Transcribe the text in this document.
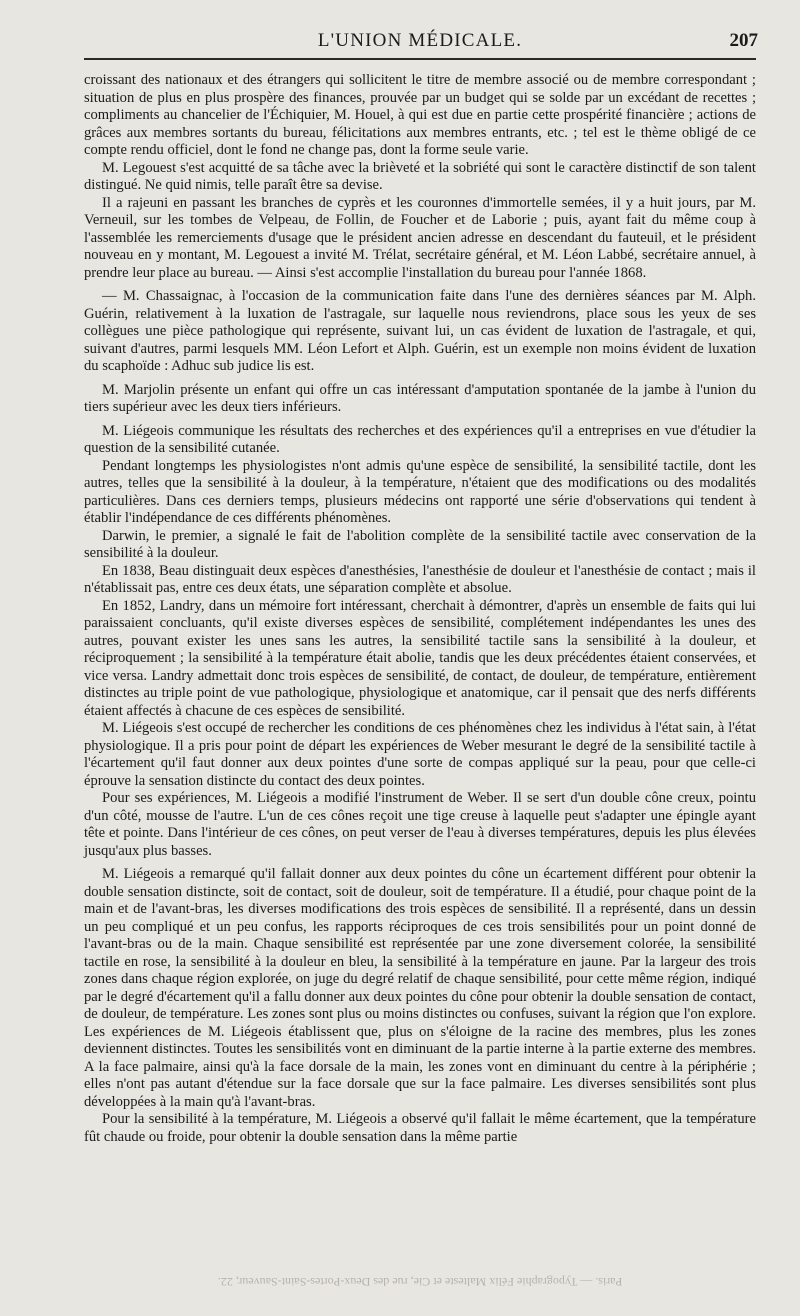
L'UNION MÉDICALE.	207

croissant des nationaux et des étrangers qui sollicitent le titre de membre associé ou de membre correspondant ; situation de plus en plus prospère des finances, prouvée par un budget qui se solde par un excédant de recettes ; compliments au chancelier de l'Échiquier, M. Houel, à qui est due en partie cette prospérité financière ; actions de grâces aux membres sortants du bureau, félicitations aux membres entrants, etc. ; tel est le thème obligé de ce compte rendu officiel, dont le fond ne change pas, dont la forme seule varie.

M. Legouest s'est acquitté de sa tâche avec la brièveté et la sobriété qui sont le caractère distinctif de son talent distingué. Ne quid nimis, telle paraît être sa devise.

Il a rajeuni en passant les branches de cyprès et les couronnes d'immortelle semées, il y a huit jours, par M. Verneuil, sur les tombes de Velpeau, de Follin, de Foucher et de Laborie ; puis, ayant fait du même coup à l'assemblée les remerciements d'usage que le président ancien adresse en descendant du fauteuil, et le président nouveau en y montant, M. Legouest a invité M. Trélat, secrétaire général, et M. Léon Labbé, secrétaire annuel, à prendre leur place au bureau. — Ainsi s'est accomplie l'installation du bureau pour l'année 1868.

— M. Chassaignac, à l'occasion de la communication faite dans l'une des dernières séances par M. Alph. Guérin, relativement à la luxation de l'astragale, sur laquelle nous reviendrons, place sous les yeux de ses collègues une pièce pathologique qui représente, suivant lui, un cas évident de luxation de l'astragale, et qui, suivant d'autres, parmi lesquels MM. Léon Lefort et Alph. Guérin, est un exemple non moins évident de luxation du scaphoïde : Adhuc sub judice lis est.

M. Marjolin présente un enfant qui offre un cas intéressant d'amputation spontanée de la jambe à l'union du tiers supérieur avec les deux tiers inférieurs.

M. Liégeois communique les résultats des recherches et des expériences qu'il a entreprises en vue d'étudier la question de la sensibilité cutanée.

Pendant longtemps les physiologistes n'ont admis qu'une espèce de sensibilité, la sensibilité tactile, dont les autres, telles que la sensibilité à la douleur, à la température, n'étaient que des modifications ou des modalités particulières. Dans ces derniers temps, plusieurs médecins ont rapporté une série d'observations qui tendent à établir l'indépendance de ces différents phénomènes.

Darwin, le premier, a signalé le fait de l'abolition complète de la sensibilité tactile avec conservation de la sensibilité à la douleur.

En 1838, Beau distinguait deux espèces d'anesthésies, l'anesthésie de douleur et l'anesthésie de contact ; mais il n'établissait pas, entre ces deux états, une séparation complète et absolue.

En 1852, Landry, dans un mémoire fort intéressant, cherchait à démontrer, d'après un ensemble de faits qui lui paraissaient concluants, qu'il existe diverses espèces de sensibilité, complétement indépendantes les unes des autres, pouvant exister les unes sans les autres, la sensibilité tactile sans la sensibilité à la douleur, et réciproquement ; la sensibilité à la température était abolie, tandis que les deux précédentes étaient conservées, et vice versa. Landry admettait donc trois espèces de sensibilité, de contact, de douleur, de température, entièrement distinctes au triple point de vue pathologique, physiologique et anatomique, car il pensait que des nerfs différents étaient affectés à chacune de ces espèces de sensibilité.

M. Liégeois s'est occupé de rechercher les conditions de ces phénomènes chez les individus à l'état sain, à l'état physiologique. Il a pris pour point de départ les expériences de Weber mesurant le degré de la sensibilité tactile à l'écartement qu'il faut donner aux deux pointes d'une sorte de compas appliqué sur la peau, pour que celle-ci éprouve la sensation distincte du contact des deux pointes.

Pour ses expériences, M. Liégeois a modifié l'instrument de Weber. Il se sert d'un double cône creux, pointu d'un côté, mousse de l'autre. L'un de ces cônes reçoit une tige creuse à laquelle peut s'adapter une épingle ayant tête et pointe. Dans l'intérieur de ces cônes, on peut verser de l'eau à diverses températures, depuis les plus élevées jusqu'aux plus basses.

M. Liégeois a remarqué qu'il fallait donner aux deux pointes du cône un écartement différent pour obtenir la double sensation distincte, soit de contact, soit de douleur, soit de température. Il a étudié, pour chaque point de la main et de l'avant-bras, les diverses modifications des trois espèces de sensibilité. Il a représenté, dans un dessin un peu compliqué et un peu confus, les rapports réciproques de ces trois sensibilités pour un point donné de l'avant-bras ou de la main. Chaque sensibilité est représentée par une zone diversement colorée, la sensibilité tactile en rose, la sensibilité à la douleur en bleu, la sensibilité à la température en jaune. Par la largeur des trois zones dans chaque région explorée, on juge du degré relatif de chaque sensibilité, pour cette même région, indiqué par le degré d'écartement qu'il a fallu donner aux deux pointes du cône pour obtenir la double sensation de contact, de douleur, de température. Les zones sont plus ou moins distinctes ou confuses, suivant la région que l'on explore. Les expériences de M. Liégeois établissent que, plus on s'éloigne de la racine des membres, plus les zones deviennent distinctes. Toutes les sensibilités vont en diminuant de la partie interne à la partie externe des membres. A la face palmaire, ainsi qu'à la face dorsale de la main, les zones vont en diminuant du centre à la périphérie ; elles n'ont pas autant d'étendue sur la face dorsale que sur la face palmaire. Les diverses sensibilités sont plus développées à la main qu'à l'avant-bras.

Pour la sensibilité à la température, M. Liégeois a observé qu'il fallait le même écartement, que la température fût chaude ou froide, pour obtenir la double sensation dans la même partie

Paris. — Typographie Félix Malteste et Cie, rue des Deux-Portes-Saint-Sauveur, 22.
